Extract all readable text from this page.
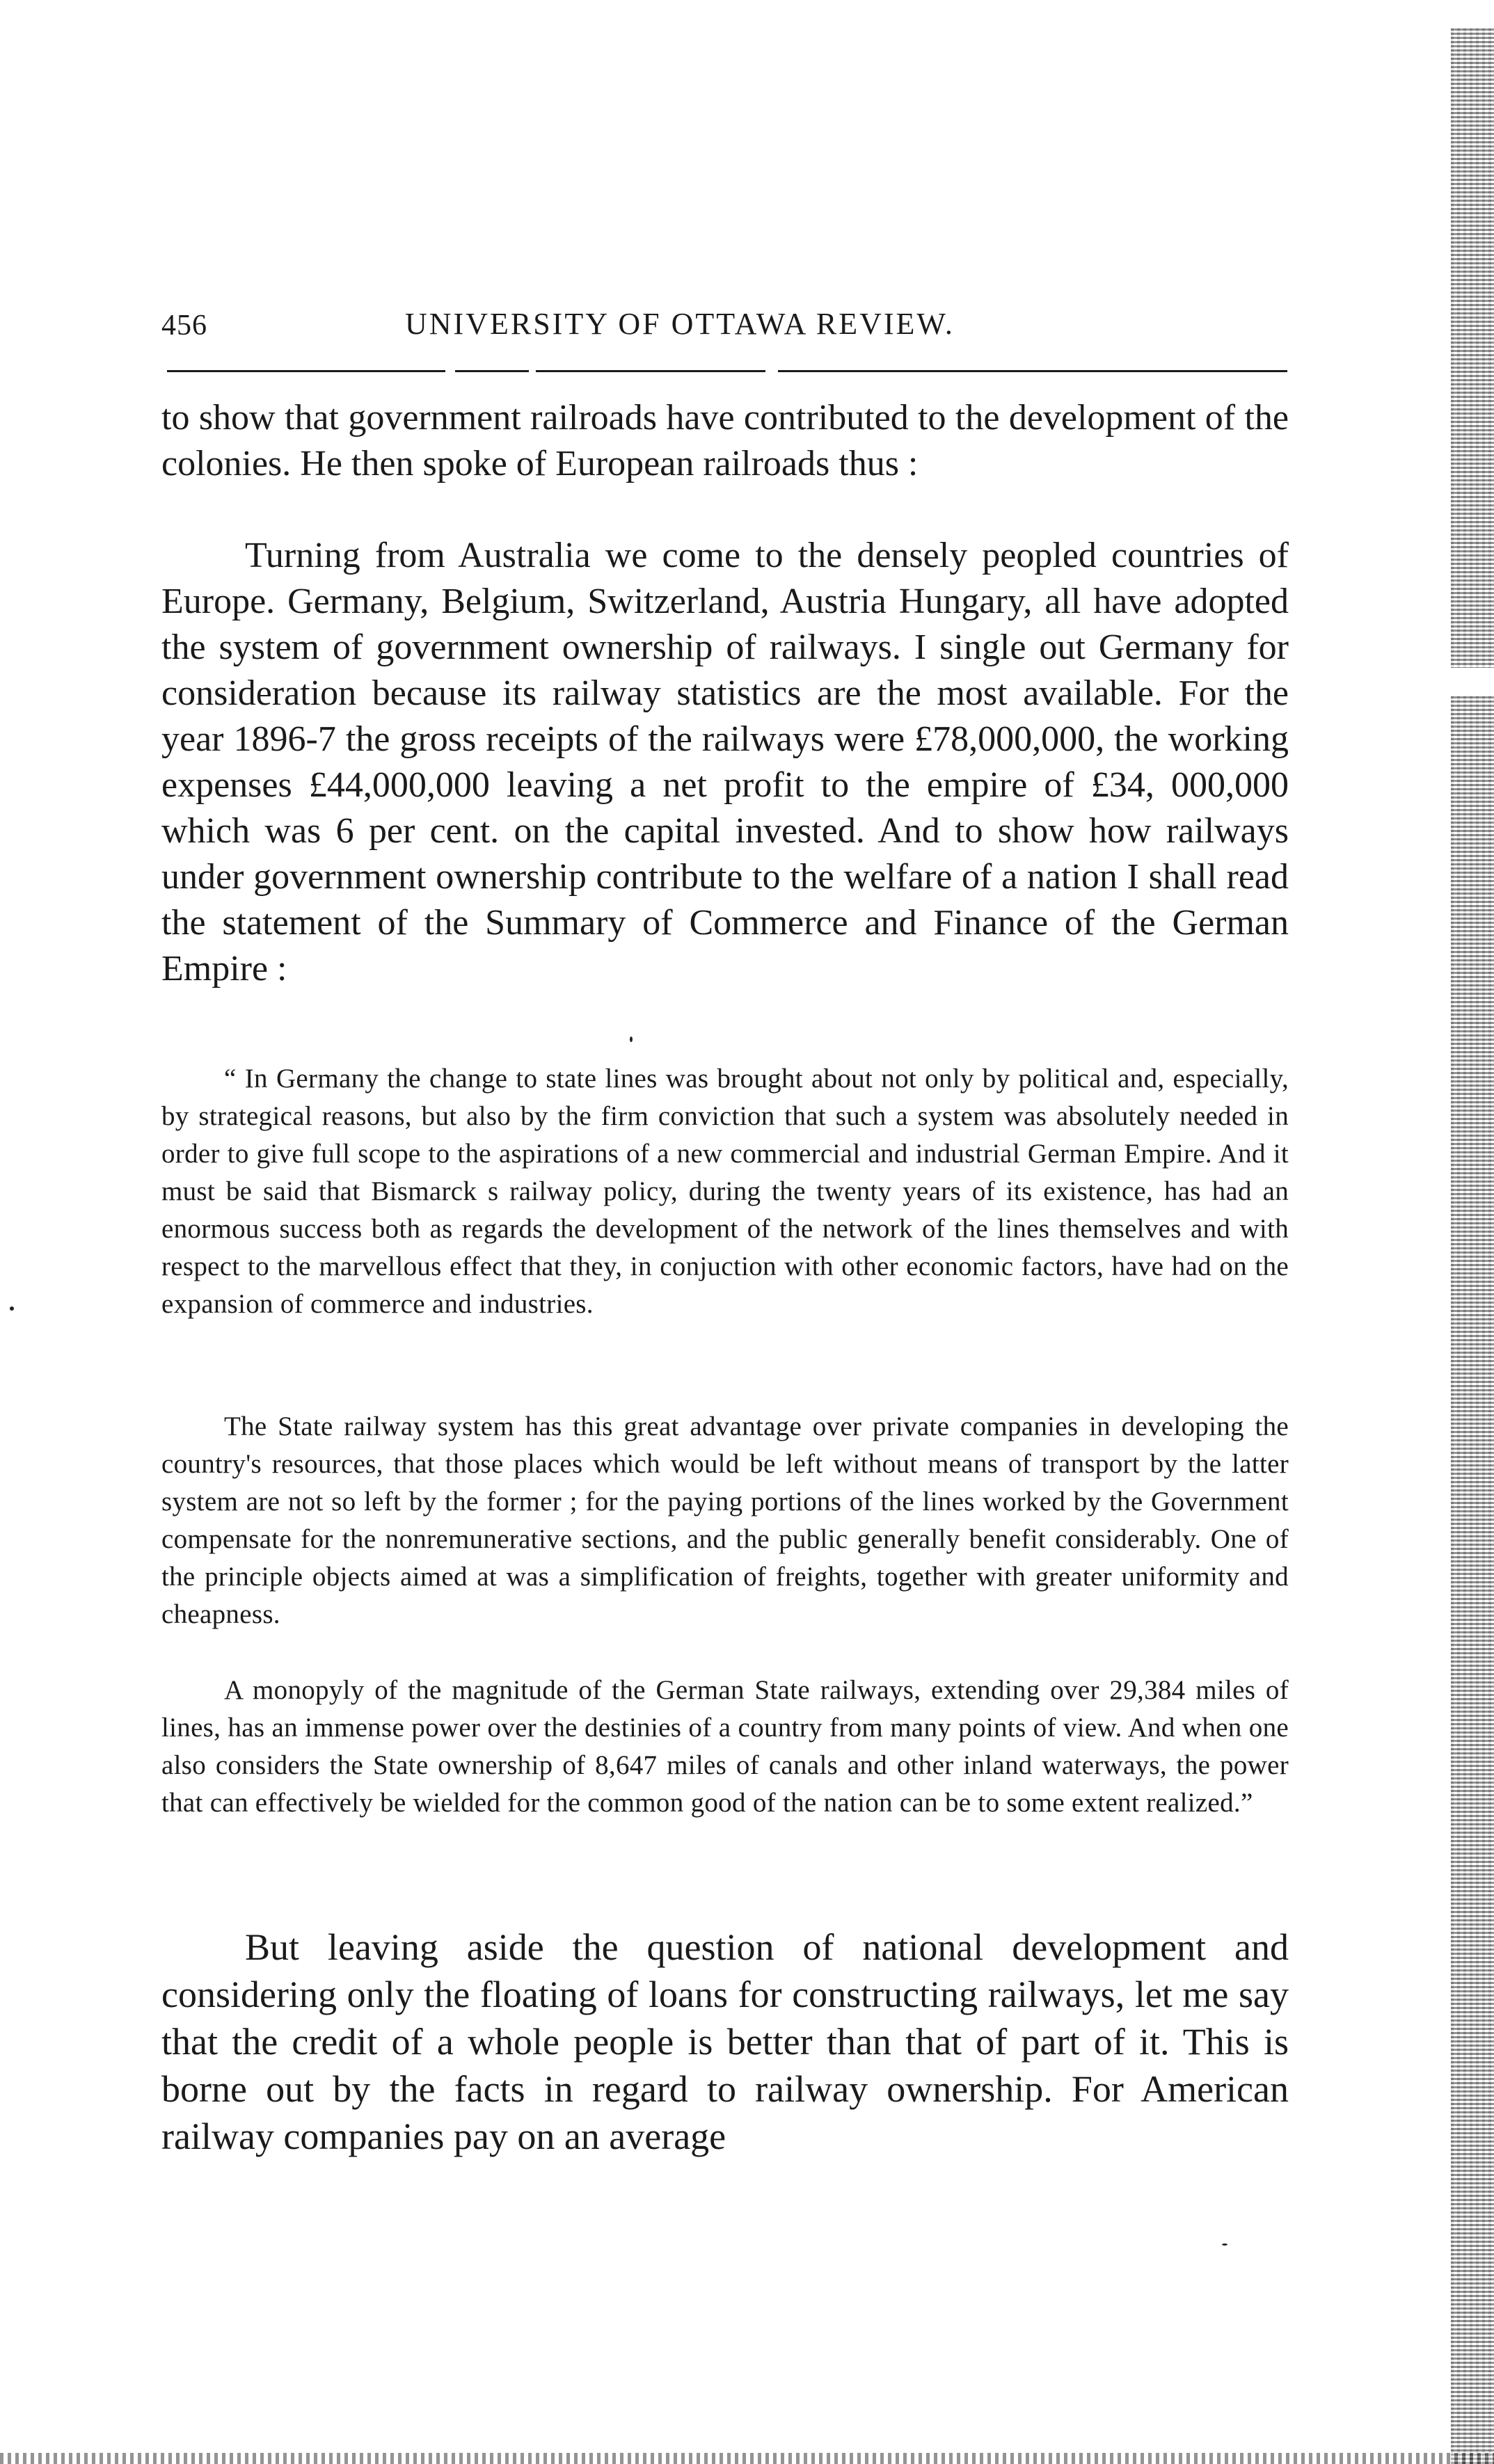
456	UNIVERSITY OF OTTAWA REVIEW.

to show that government railroads have contributed to the development of the colonies. He then spoke of European railroads thus :

Turning from Australia we come to the densely peopled countries of Europe. Germany, Belgium, Switzerland, Austria Hungary, all have adopted the system of government ownership of railways. I single out Germany for consideration because its railway statistics are the most available. For the year 1896-7 the gross receipts of the railways were £78,000,000, the working expenses £44,000,000 leaving a net profit to the empire of £34, 000,000 which was 6 per cent. on the capital invested. And to show how railways under government ownership contribute to the welfare of a nation I shall read the statement of the Summary of Commerce and Finance of the German Empire :

“ In Germany the change to state lines was brought about not only by political and, especially, by strategical reasons, but also by the firm conviction that such a system was absolutely needed in order to give full scope to the aspirations of a new commercial and industrial German Empire. And it must be said that Bismarck s railway policy, during the twenty years of its existence, has had an enormous success both as regards the development of the network of the lines themselves and with respect to the marvellous effect that they, in conjuction with other economic factors, have had on the expansion of commerce and industries.

The State railway system has this great advantage over private companies in developing the country's resources, that those places which would be left without means of transport by the latter system are not so left by the former ; for the paying portions of the lines worked by the Government compensate for the nonremunerative sections, and the public generally benefit considerably. One of the principle objects aimed at was a simplification of freights, together with greater uniformity and cheapness.

A monopyly of the magnitude of the German State railways, extending over 29,384 miles of lines, has an immense power over the destinies of a country from many points of view. And when one also considers the State ownership of 8,647 miles of canals and other inland waterways, the power that can effectively be wielded for the common good of the nation can be to some extent realized.”

But leaving aside the question of national development and considering only the floating of loans for constructing railways, let me say that the credit of a whole people is better than that of part of it. This is borne out by the facts in regard to railway ownership. For American railway companies pay on an average
